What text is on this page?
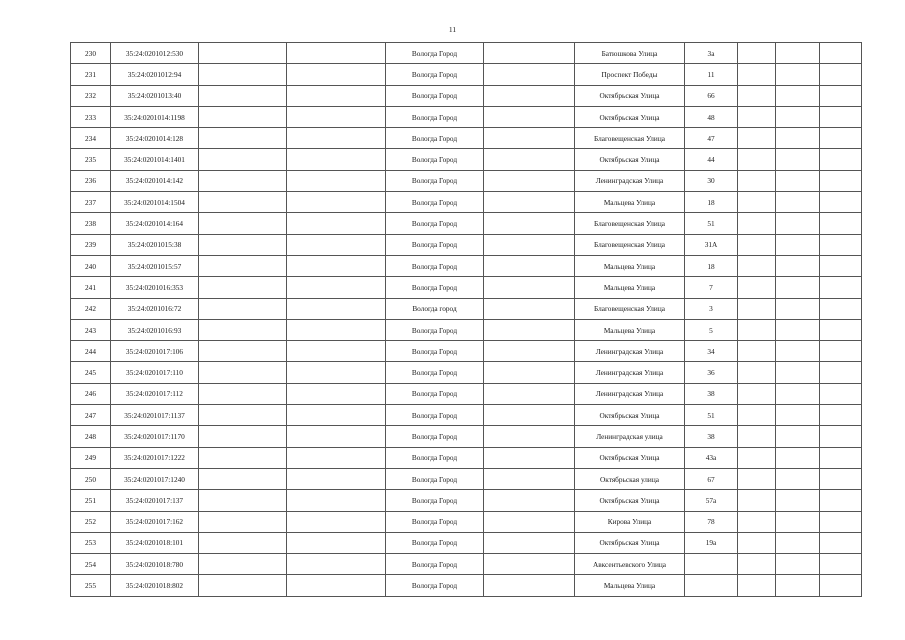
11
230	35:24:0201012:530			Вологда Город		Батюшкова Улица	3а			
231	35:24:0201012:94			Вологда Город		Проспект Победы	11			
232	35:24:0201013:40			Вологда Город		Октябрьская Улица	66			
233	35:24:0201014:1198			Вологда Город		Октябрьская Улица	48			
234	35:24:0201014:128			Вологда Город		Благовещенская Улица	47			
235	35:24:0201014:1401			Вологда Город		Октябрьская Улица	44			
236	35:24:0201014:142			Вологда Город		Ленинградская Улица	30			
237	35:24:0201014:1504			Вологда Город		Мальцева Улица	18			
238	35:24:0201014:164			Вологда Город		Благовещенская Улица	51			
239	35:24:0201015:38			Вологда Город		Благовещенская Улица	31А			
240	35:24:0201015:57			Вологда Город		Мальцева Улица	18			
241	35:24:0201016:353			Вологда Город		Мальцева Улица	7			
242	35:24:0201016:72			Вологда город		Благовещенская Улица	3			
243	35:24:0201016:93			Вологда Город		Мальцева Улица	5			
244	35:24:0201017:106			Вологда Город		Ленинградская Улица	34			
245	35:24:0201017:110			Вологда Город		Ленинградская Улица	36			
246	35:24:0201017:112			Вологда Город		Ленинградская Улица	38			
247	35:24:0201017:1137			Вологда Город		Октябрьская Улица	51			
248	35:24:0201017:1170			Вологда Город		Ленинградская улица	38			
249	35:24:0201017:1222			Вологда Город		Октябрьская Улица	43а			
250	35:24:0201017:1240			Вологда Город		Октябрьская улица	67			
251	35:24:0201017:137			Вологда Город		Октябрьская Улица	57а			
252	35:24:0201017:162			Вологда Город		Кирова Улица	78			
253	35:24:0201018:101			Вологда Город		Октябрьская Улица	19а			
254	35:24:0201018:780			Вологда Город		Авксентьевского Улица				
255	35:24:0201018:802			Вологда Город		Мальцева Улица				
